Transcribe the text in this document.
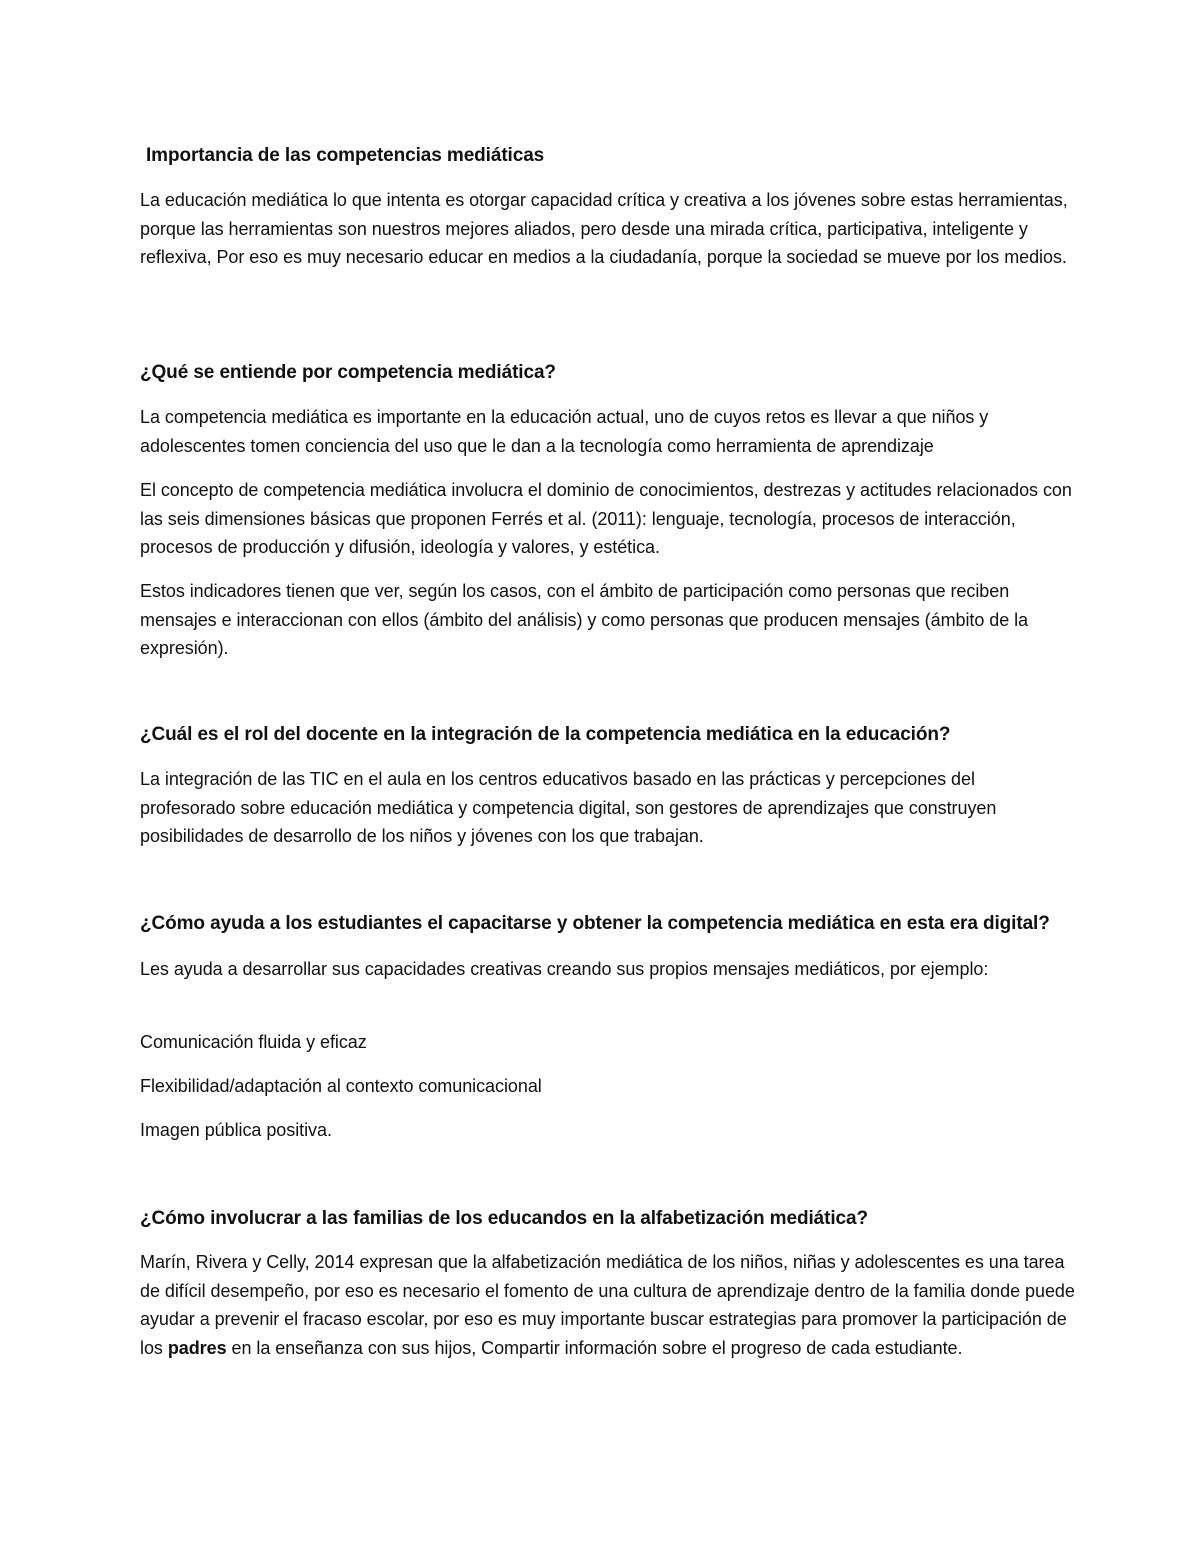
Importancia de las competencias mediáticas

La educación mediática lo que intenta es otorgar capacidad crítica y creativa a los jóvenes sobre estas herramientas, porque las herramientas son nuestros mejores aliados, pero desde una mirada crítica, participativa, inteligente y reflexiva, Por eso es muy necesario educar en medios a la ciudadanía, porque la sociedad se mueve por los medios.

¿Qué se entiende por competencia mediática?

La competencia mediática es importante en la educación actual, uno de cuyos retos es llevar a que niños y adolescentes tomen conciencia del uso que le dan a la tecnología como herramienta de aprendizaje

El concepto de competencia mediática involucra el dominio de conocimientos, destrezas y actitudes relacionados con las seis dimensiones básicas que proponen Ferrés et al. (2011): lenguaje, tecnología, procesos de interacción, procesos de producción y difusión, ideología y valores, y estética.

Estos indicadores tienen que ver, según los casos, con el ámbito de participación como personas que reciben mensajes e interaccionan con ellos (ámbito del análisis) y como personas que producen mensajes (ámbito de la expresión).

¿Cuál es el rol del docente en la integración de la competencia mediática en la educación?

La integración de las TIC en el aula en los centros educativos basado en las prácticas y percepciones del profesorado sobre educación mediática y competencia digital, son gestores de aprendizajes que construyen posibilidades de desarrollo de los niños y jóvenes con los que trabajan.

¿Cómo ayuda a los estudiantes el capacitarse y obtener la competencia mediática en esta era digital?

Les ayuda a desarrollar sus capacidades creativas creando sus propios mensajes mediáticos, por ejemplo:

Comunicación fluida y eficaz

Flexibilidad/adaptación al contexto comunicacional

Imagen pública positiva.

¿Cómo involucrar a las familias de los educandos en la alfabetización mediática?

Marín, Rivera y Celly, 2014 expresan que la alfabetización mediática de los niños, niñas y adolescentes es una tarea de difícil desempeño, por eso es necesario el fomento de una cultura de aprendizaje dentro de la familia donde puede ayudar a prevenir el fracaso escolar, por eso es muy importante buscar estrategias para promover la participación de los padres en la enseñanza con sus hijos, Compartir información sobre el progreso de cada estudiante.
